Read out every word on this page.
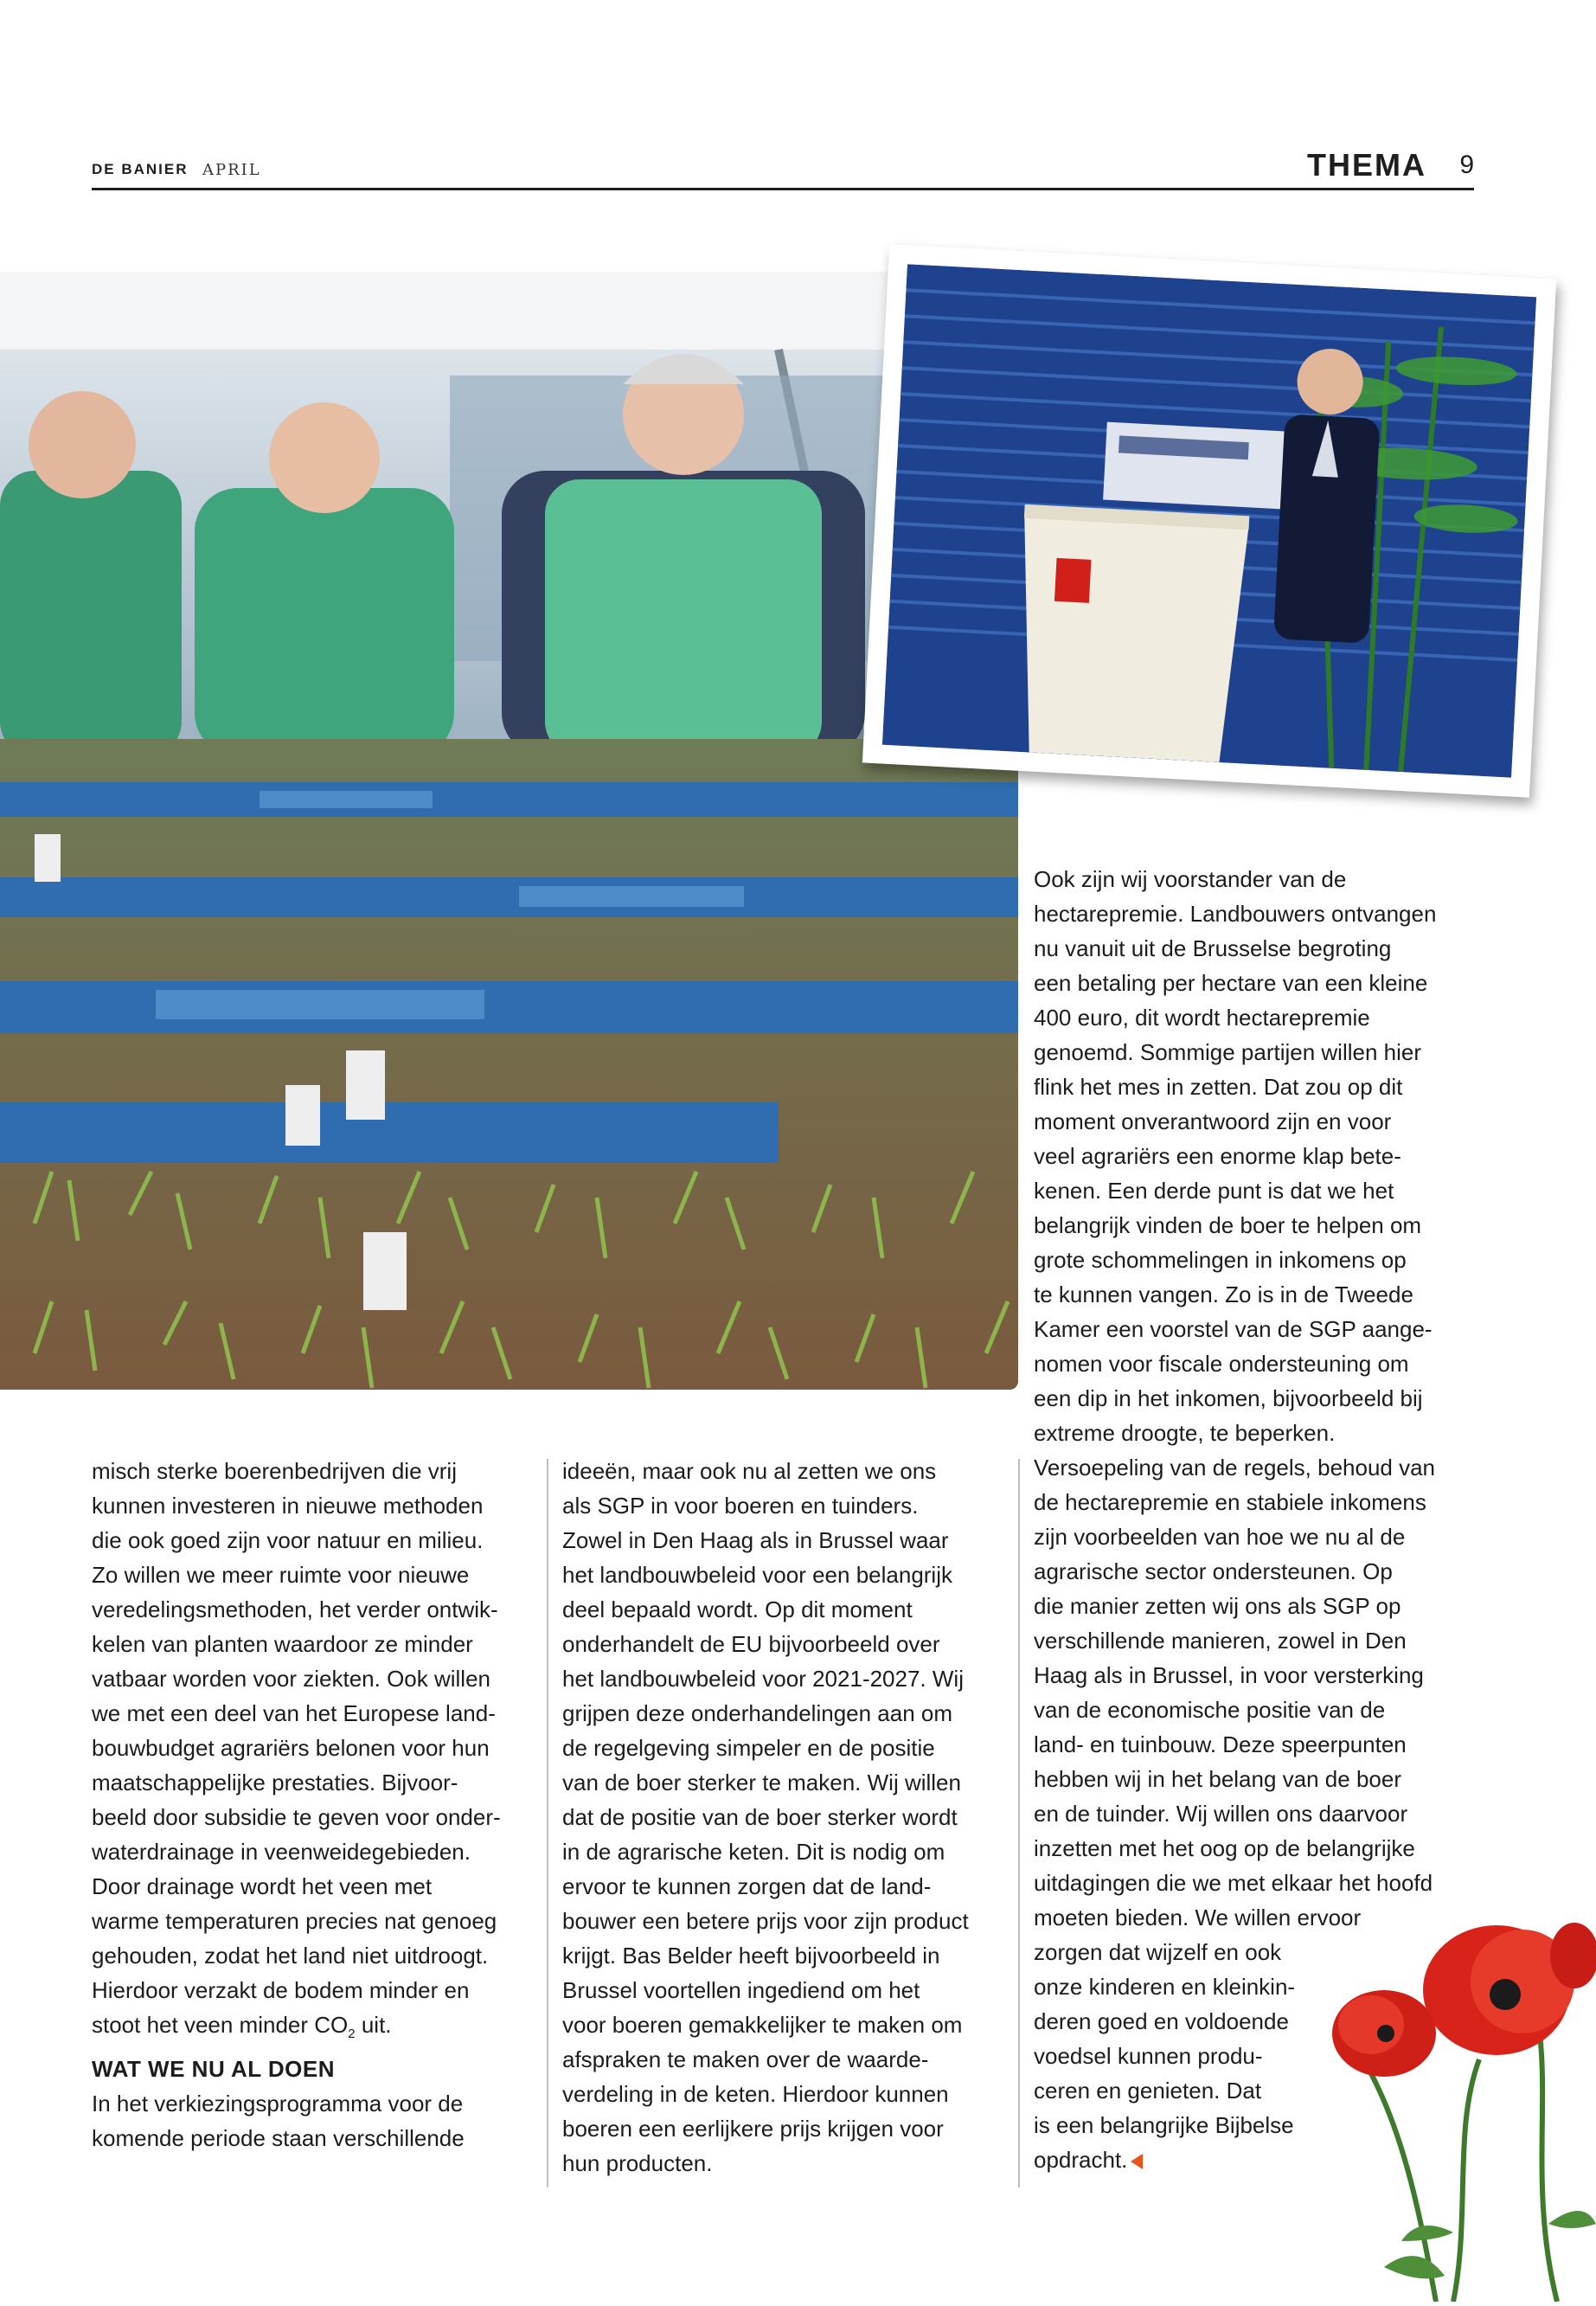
DE BANIER APRIL	THEMA 9

misch sterke boerenbedrijven die vrij
kunnen investeren in nieuwe methoden
die ook goed zijn voor natuur en milieu.
Zo willen we meer ruimte voor nieuwe
veredelingsmethoden, het verder ontwik-
kelen van planten waardoor ze minder
vatbaar worden voor ziekten. Ook willen
we met een deel van het Europese land-
bouwbudget agrariërs belonen voor hun
maatschappelijke prestaties. Bijvoor-
beeld door subsidie te geven voor onder-
waterdrainage in veenweidegebieden.
Door drainage wordt het veen met
warme temperaturen precies nat genoeg
gehouden, zodat het land niet uitdroogt.
Hierdoor verzakt de bodem minder en

stoot het veen minder $CO_2$ uit.

WAT WE NU AL DOEN

In het verkiezingsprogramma voor de
komende periode staan verschillende

ideeën, maar ook nu al zetten we ons
als SGP in voor boeren en tuinders.
Zowel in Den Haag als in Brussel waar
het landbouwbeleid voor een belangrijk
deel bepaald wordt. Op dit moment
onderhandelt de EU bijvoorbeeld over
het landbouwbeleid voor 2021-2027. Wij
grijpen deze onderhandelingen aan om
de regelgeving simpeler en de positie
van de boer sterker te maken. Wij willen
dat de positie van de boer sterker wordt
in de agrarische keten. Dit is nodig om
ervoor te kunnen zorgen dat de land-
bouwer een betere prijs voor zijn product
krijgt. Bas Belder heeft bijvoorbeeld in
Brussel voortellen ingediend om het
voor boeren gemakkelijker te maken om
afspraken te maken over de waarde-
verdeling in de keten. Hierdoor kunnen
boeren een eerlijkere prijs krijgen voor
hun producten.

Ook zijn wij voorstander van de
hectarepremie. Landbouwers ontvangen
nu vanuit uit de Brusselse begroting
een betaling per hectare van een kleine
400 euro, dit wordt hectarepremie
genoemd. Sommige partijen willen hier
flink het mes in zetten. Dat zou op dit
moment onverantwoord zijn en voor
veel agrariërs een enorme klap bete-
kenen. Een derde punt is dat we het
belangrijk vinden de boer te helpen om
grote schommelingen in inkomens op
te kunnen vangen. Zo is in de Tweede
Kamer een voorstel van de SGP aange-
nomen voor fiscale ondersteuning om
een dip in het inkomen, bijvoorbeeld bij
extreme droogte, te beperken.
Versoepeling van de regels, behoud van
de hectarepremie en stabiele inkomens
zijn voorbeelden van hoe we nu al de
agrarische sector ondersteunen. Op
die manier zetten wij ons als SGP op
verschillende manieren, zowel in Den
Haag als in Brussel, in voor versterking
van de economische positie van de
land- en tuinbouw. Deze speerpunten
hebben wij in het belang van de boer
en de tuinder. Wij willen ons daarvoor
inzetten met het oog op de belangrijke
uitdagingen die we met elkaar het hoofd
moeten bieden. We willen ervoor
zorgen dat wijzelf en ook
onze kinderen en kleinkin-
deren goed en voldoende
voedsel kunnen produ-
ceren en genieten. Dat
is een belangrijke Bijbelse
opdracht.
